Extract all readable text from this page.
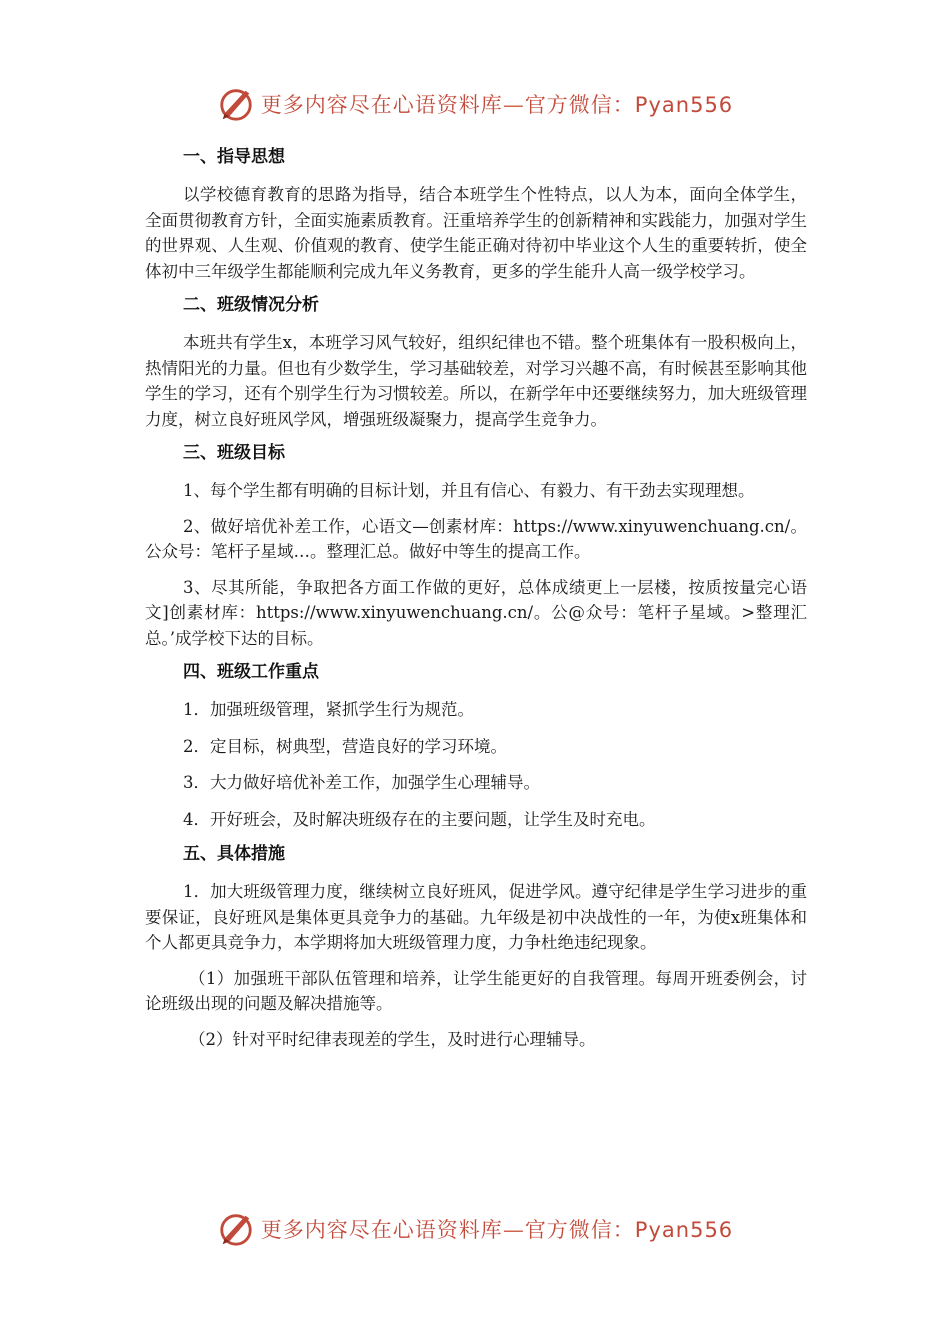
更多内容尽在心语资料库—官方微信：Pyan556
一、指导思想

以学校德育教育的思路为指导，结合本班学生个性特点，以人为本，面向全体学生，全面贯彻教育方针，全面实施素质教育。汪重培养学生的创新精神和实践能力，加强对学生的世界观、人生观、价值观的教育、使学生能正确对待初中毕业这个人生的重要转折，使全体初中三年级学生都能顺利完成九年义务教育，更多的学生能升人高一级学校学习。

二、班级情况分析

本班共有学生x，本班学习风气较好，组织纪律也不错。整个班集体有一股积极向上，热情阳光的力量。但也有少数学生，学习基础较差，对学习兴趣不高，有时候甚至影响其他学生的学习，还有个别学生行为习惯较差。所以，在新学年中还要继续努力，加大班级管理力度，树立良好班风学风，增强班级凝聚力，提高学生竞争力。

三、班级目标

1、每个学生都有明确的目标计划，并且有信心、有毅力、有干劲去实现理想。

2、做好培优补差工作，心语文—创素材库：https://www.xinyuwenchuang.cn/。公众号：笔杆子星域…。整理汇总。做好中等生的提高工作。

3、尽其所能，争取把各方面工作做的更好，总体成绩更上一层楼，按质按量完心语文]创素材库：https://www.xinyuwenchuang.cn/。公@众号：笔杆子星域。>整理汇总。’成学校下达的目标。

四、班级工作重点

1．加强班级管理，紧抓学生行为规范。

2．定目标，树典型，营造良好的学习环境。

3．大力做好培优补差工作，加强学生心理辅导。

4．开好班会，及时解决班级存在的主要问题，让学生及时充电。

五、具体措施

1．加大班级管理力度，继续树立良好班风，促进学风。遵守纪律是学生学习进步的重要保证，良好班风是集体更具竞争力的基础。九年级是初中决战性的一年，为使x班集体和个人都更具竞争力，本学期将加大班级管理力度，力争杜绝违纪现象。

（1）加强班干部队伍管理和培养，让学生能更好的自我管理。每周开班委例会，讨论班级出现的问题及解决措施等。

（2）针对平时纪律表现差的学生，及时进行心理辅导。

更多内容尽在心语资料库—官方微信：Pyan556
